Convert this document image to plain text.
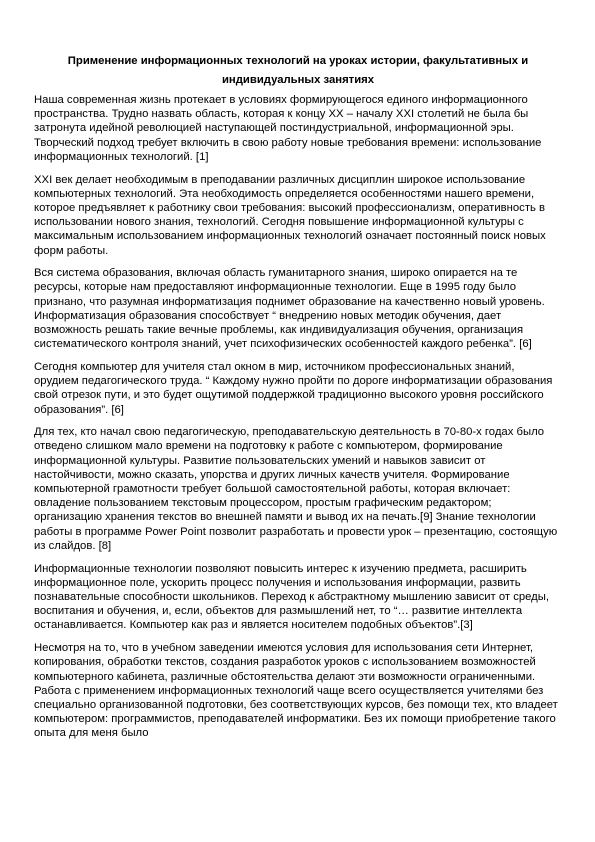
Применение информационных технологий на уроках истории, факультативных и
индивидуальных занятиях

Наша современная жизнь протекает в условиях формирующегося единого информационного пространства. Трудно назвать область, которая к концу XX – началу XXI столетий не была бы затронута идейной революцией наступающей постиндустриальной, информационной эры. Творческий подход требует включить в свою работу новые требования времени: использование информационных технологий. [1]

XXI век делает необходимым в преподавании различных дисциплин широкое использование компьютерных технологий. Эта необходимость определяется особенностями нашего времени, которое предъявляет к работнику свои требования: высокий профессионализм, оперативность в использовании нового знания, технологий. Сегодня повышение информационной культуры с максимальным использованием информационных технологий означает постоянный поиск новых форм работы.

Вся система образования, включая область гуманитарного знания, широко опирается на те ресурсы, которые нам предоставляют информационные технологии. Еще в 1995 году было признано, что разумная информатизация поднимет образование на качественно новый уровень. Информатизация образования способствует “ внедрению новых методик обучения, дает возможность решать такие вечные проблемы, как индивидуализация обучения, организация систематического контроля знаний, учет психофизических особенностей каждого ребенка”. [6]

Сегодня компьютер для учителя стал окном в мир, источником профессиональных знаний, орудием педагогического труда. “ Каждому нужно пройти по дороге информатизации образования свой отрезок пути, и это будет ощутимой поддержкой традиционно высокого уровня российского образования”. [6]

Для тех, кто начал свою педагогическую, преподавательскую деятельность в 70-80-х годах было отведено слишком мало времени на подготовку к работе с компьютером, формирование информационной культуры. Развитие пользовательских умений и навыков зависит от настойчивости, можно сказать, упорства и других личных качеств учителя. Формирование компьютерной грамотности требует большой самостоятельной работы, которая включает: овладение пользованием текстовым процессором, простым графическим редактором; организацию хранения текстов во внешней памяти и вывод их на печать.[9] Знание технологии работы в программе Power Point позволит разработать и провести урок – презентацию, состоящую из слайдов. [8]

Информационные технологии позволяют повысить интерес к изучению предмета, расширить информационное поле, ускорить процесс получения и использования информации, развить познавательные способности школьников. Переход к абстрактному мышлению зависит от среды, воспитания и обучения, и, если, объектов для размышлений нет, то “… развитие интеллекта останавливается. Компьютер как раз и является носителем подобных объектов”.[3]

Несмотря на то, что в учебном заведении имеются условия для использования сети Интернет, копирования, обработки текстов, создания разработок уроков с использованием возможностей компьютерного кабинета, различные обстоятельства делают эти возможности ограниченными. Работа с применением информационных технологий чаще всего осуществляется учителями без специально организованной подготовки, без соответствующих курсов, без помощи тех, кто владеет компьютером: программистов, преподавателей информатики. Без их помощи приобретение такого опыта для меня было
